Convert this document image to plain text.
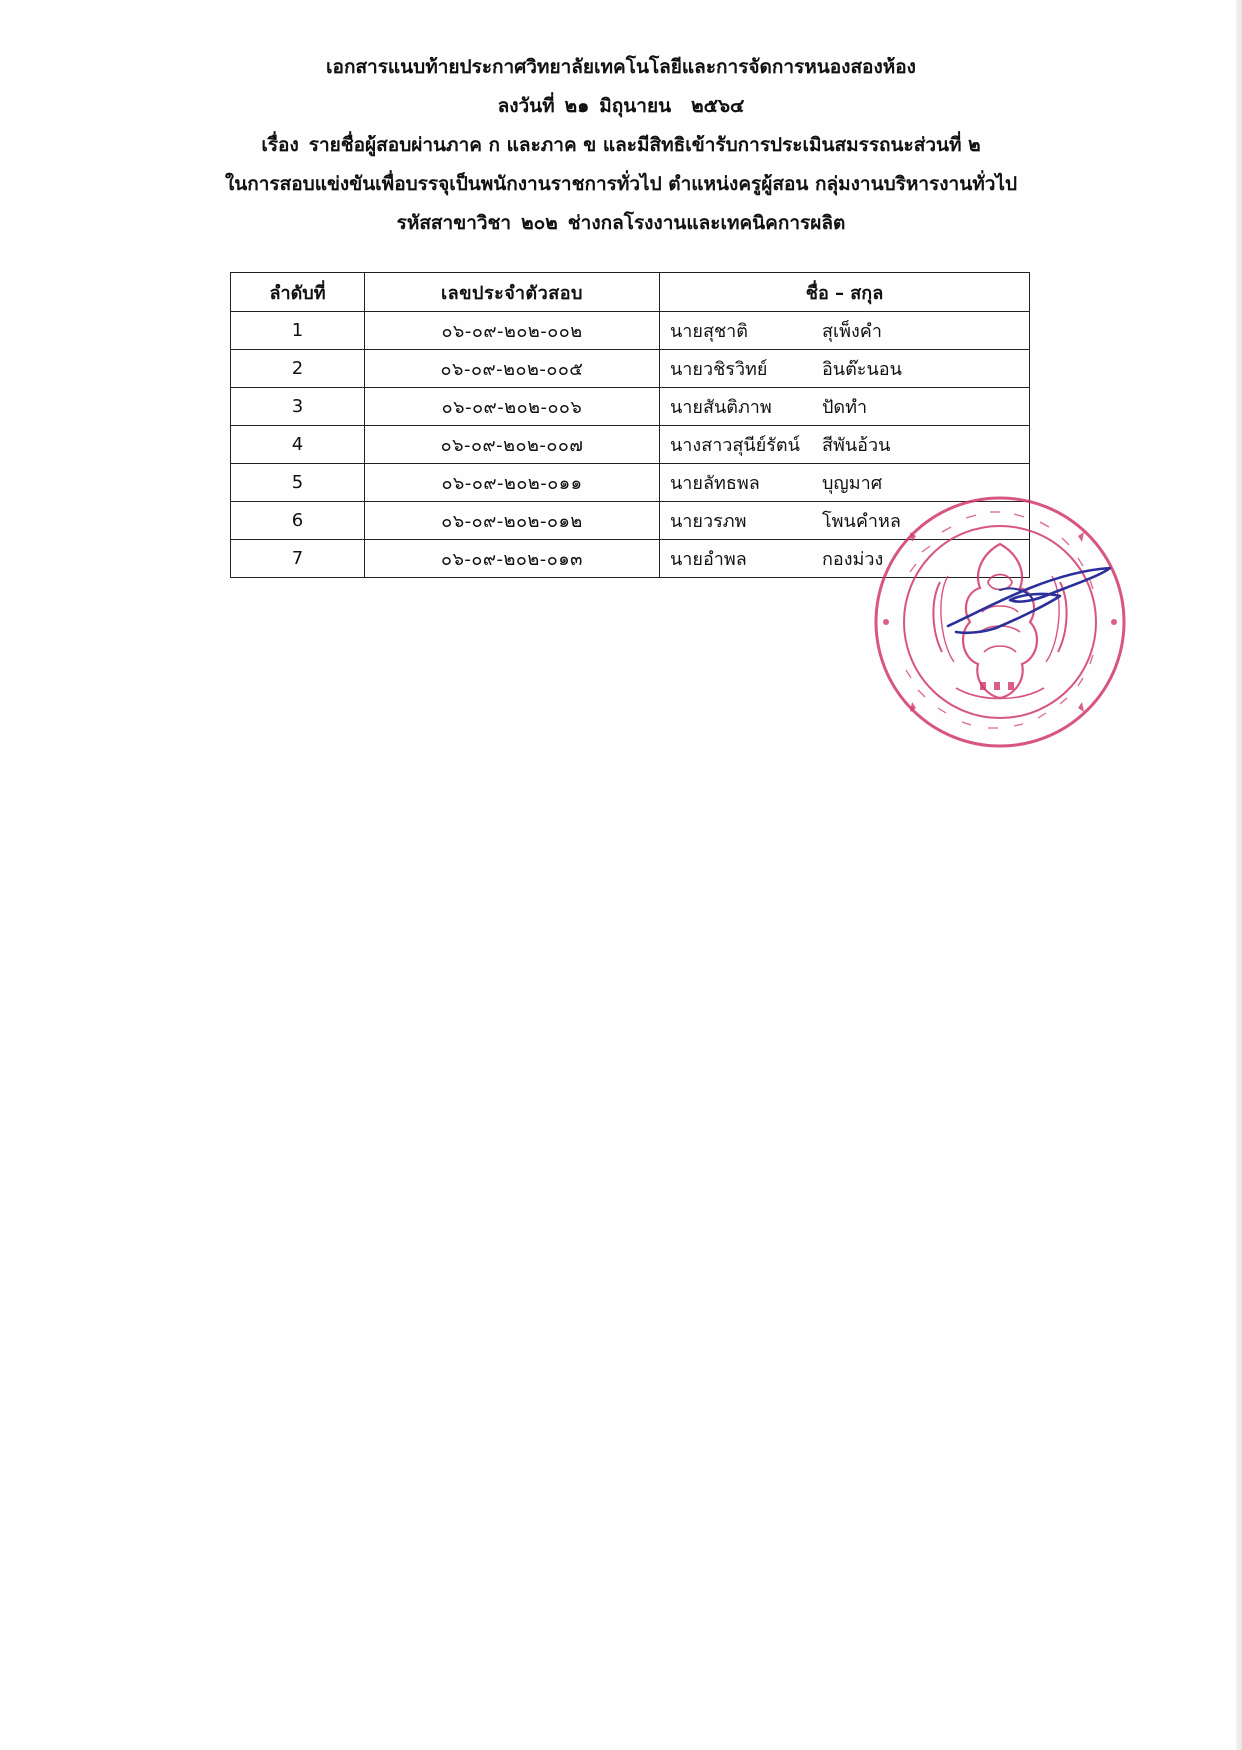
เอกสารแนบท้ายประกาศวิทยาลัยเทคโนโลยีและการจัดการหนองสองห้อง
ลงวันที่ ๒๑ มิถุนายน ๒๕๖๔
เรื่อง รายชื่อผู้สอบผ่านภาค ก และภาค ข และมีสิทธิเข้ารับการประเมินสมรรถนะส่วนที่ ๒
ในการสอบแข่งขันเพื่อบรรจุเป็นพนักงานราชการทั่วไป ตำแหน่งครูผู้สอน กลุ่มงานบริหารงานทั่วไป
รหัสสาขาวิชา ๒๐๒ ช่างกลโรงงานและเทคนิคการผลิต
ลำดับที่	เลขประจำตัวสอบ	ชื่อ – สกุล
1	๐๖-๐๙-๒๐๒-๐๐๒	นายสุชาติ สุเพ็งคำ
2	๐๖-๐๙-๒๐๒-๐๐๕	นายวชิรวิทย์ อินต๊ะนอน
3	๐๖-๐๙-๒๐๒-๐๐๖	นายสันติภาพ ปัดทำ
4	๐๖-๐๙-๒๐๒-๐๐๗	นางสาวสุนีย์รัตน์ สีพันอ้วน
5	๐๖-๐๙-๒๐๒-๐๑๑	นายลัทธพล บุญมาศ
6	๐๖-๐๙-๒๐๒-๐๑๒	นายวรภพ โพนคำหล
7	๐๖-๐๙-๒๐๒-๐๑๓	นายอำพล กองม่วง
